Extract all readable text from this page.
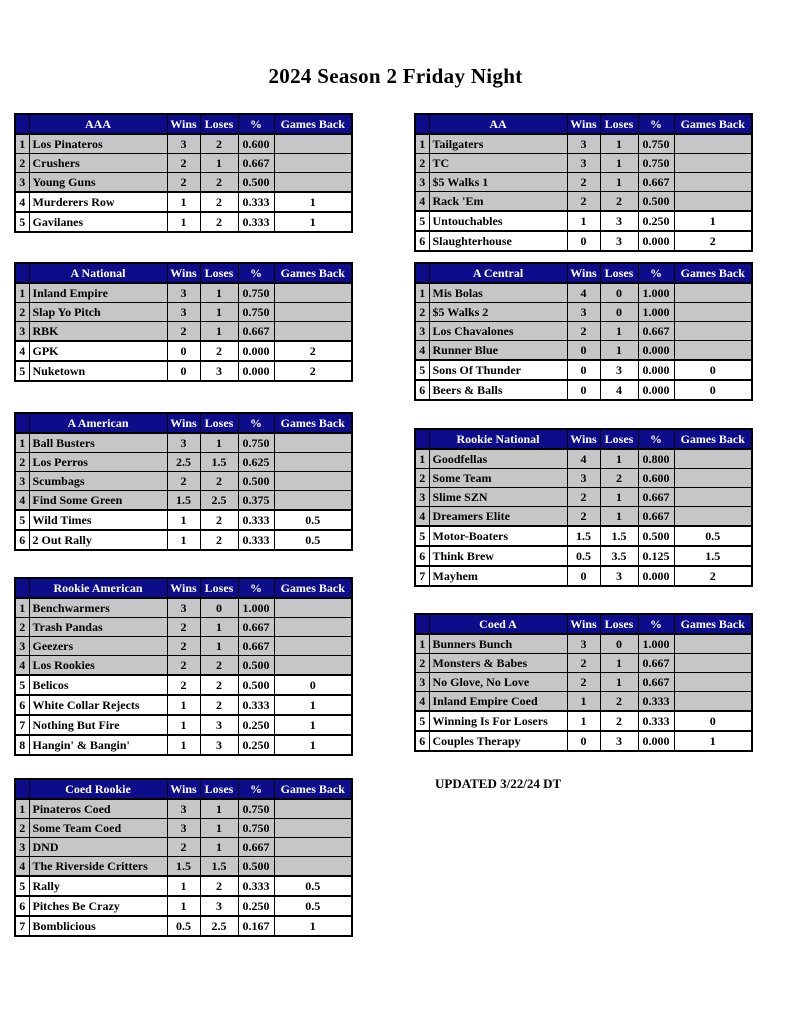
2024 Season 2 Friday Night
	AAA	Wins	Loses	%	Games Back
1	Los Pinateros	3	2	0.600	
2	Crushers	2	1	0.667	
3	Young Guns	2	2	0.500	
4	Murderers Row	1	2	0.333	1
5	Gavilanes	1	2	0.333	1
	AA	Wins	Loses	%	Games Back
1	Tailgaters	3	1	0.750	
2	TC	3	1	0.750	
3	$5 Walks 1	2	1	0.667	
4	Rack 'Em	2	2	0.500	
5	Untouchables	1	3	0.250	1
6	Slaughterhouse	0	3	0.000	2
	A National	Wins	Loses	%	Games Back
1	Inland Empire	3	1	0.750	
2	Slap Yo Pitch	3	1	0.750	
3	RBK	2	1	0.667	
4	GPK	0	2	0.000	2
5	Nuketown	0	3	0.000	2
	A Central	Wins	Loses	%	Games Back
1	Mis Bolas	4	0	1.000	
2	$5 Walks 2	3	0	1.000	
3	Los Chavalones	2	1	0.667	
4	Runner Blue	0	1	0.000	
5	Sons Of Thunder	0	3	0.000	0
6	Beers & Balls	0	4	0.000	0
	A American	Wins	Loses	%	Games Back
1	Ball Busters	3	1	0.750	
2	Los Perros	2.5	1.5	0.625	
3	Scumbags	2	2	0.500	
4	Find Some Green	1.5	2.5	0.375	
5	Wild Times	1	2	0.333	0.5
6	2 Out Rally	1	2	0.333	0.5
	Rookie National	Wins	Loses	%	Games Back
1	Goodfellas	4	1	0.800	
2	Some Team	3	2	0.600	
3	Slime SZN	2	1	0.667	
4	Dreamers Elite	2	1	0.667	
5	Motor-Boaters	1.5	1.5	0.500	0.5
6	Think Brew	0.5	3.5	0.125	1.5
7	Mayhem	0	3	0.000	2
	Rookie American	Wins	Loses	%	Games Back
1	Benchwarmers	3	0	1.000	
2	Trash Pandas	2	1	0.667	
3	Geezers	2	1	0.667	
4	Los Rookies	2	2	0.500	
5	Belicos	2	2	0.500	0
6	White Collar Rejects	1	2	0.333	1
7	Nothing But Fire	1	3	0.250	1
8	Hangin' & Bangin'	1	3	0.250	1
	Coed A	Wins	Loses	%	Games Back
1	Bunners Bunch	3	0	1.000	
2	Monsters & Babes	2	1	0.667	
3	No Glove, No Love	2	1	0.667	
4	Inland Empire Coed	1	2	0.333	
5	Winning Is For Losers	1	2	0.333	0
6	Couples Therapy	0	3	0.000	1
	Coed Rookie	Wins	Loses	%	Games Back
1	Pinateros Coed	3	1	0.750	
2	Some Team Coed	3	1	0.750	
3	DND	2	1	0.667	
4	The Riverside Critters	1.5	1.5	0.500	
5	Rally	1	2	0.333	0.5
6	Pitches Be Crazy	1	3	0.250	0.5
7	Bomblicious	0.5	2.5	0.167	1
UPDATED 3/22/24 DT
